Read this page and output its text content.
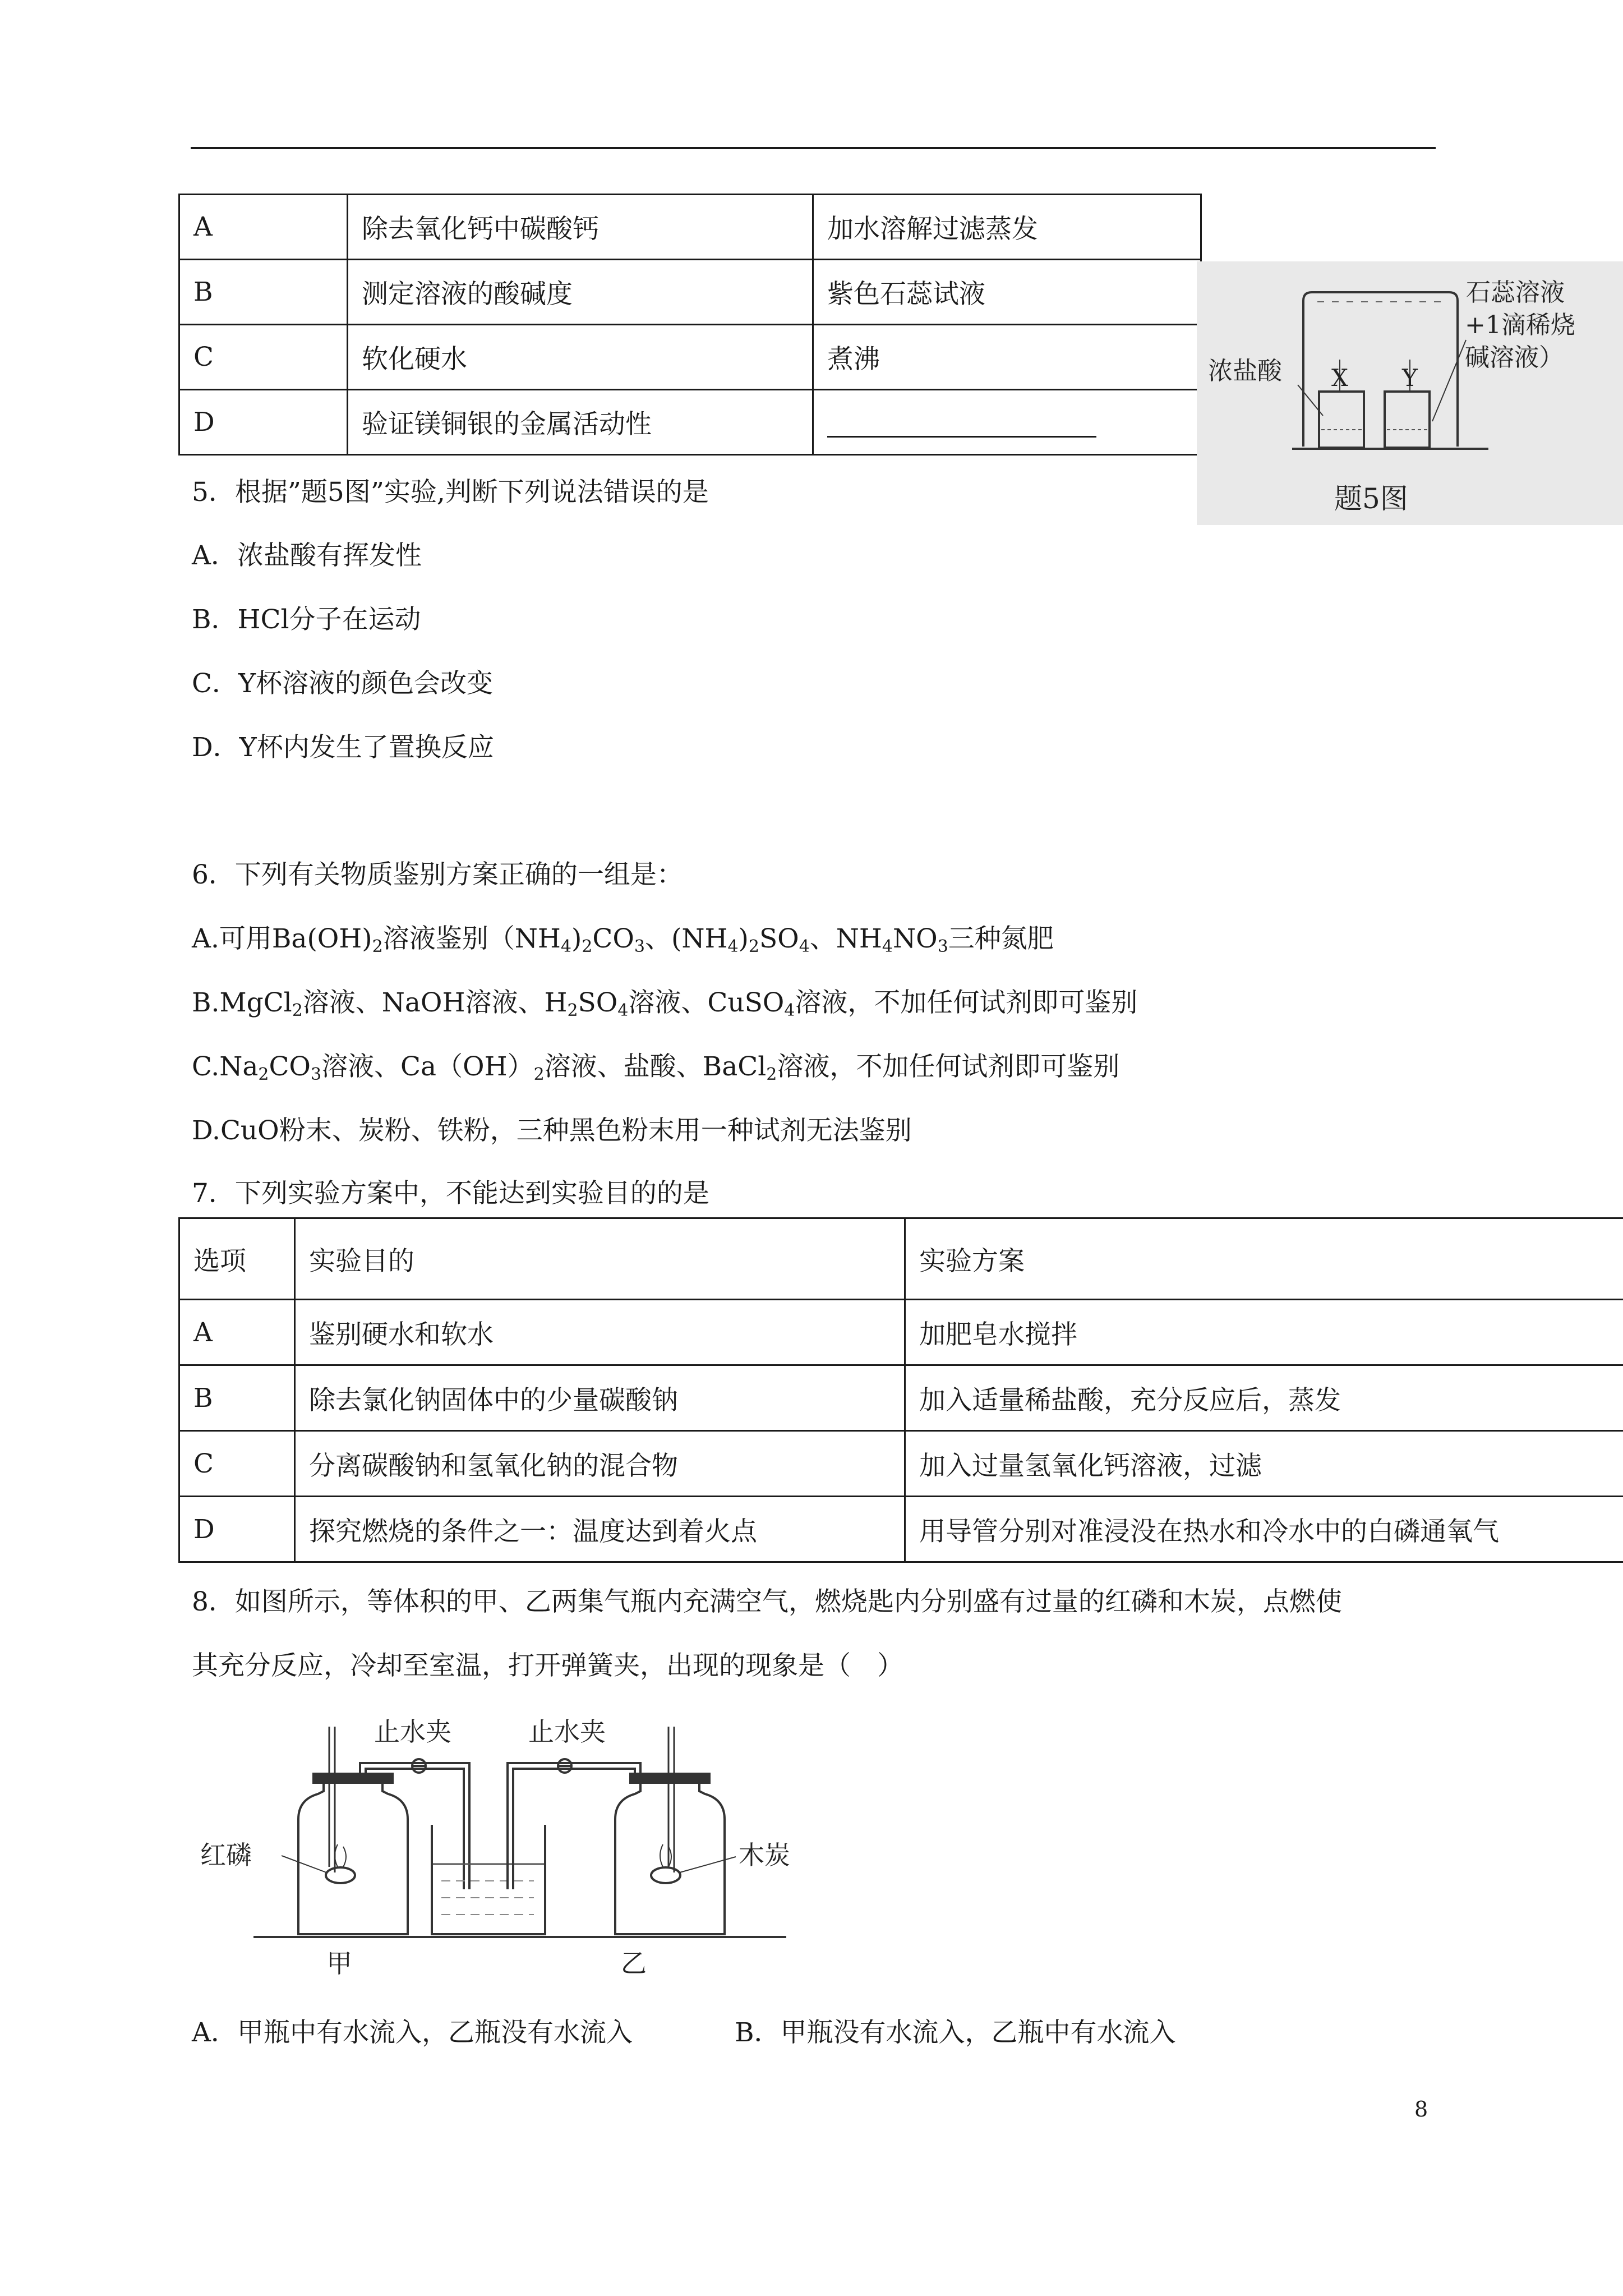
A	除去氧化钙中碳酸钙	加水溶解过滤蒸发
B	测定溶液的酸碱度	紫色石蕊试液
C	软化硬水	煮沸
D	验证镁铜银的金属活动性	
浓盐酸 X Y
石蕊溶液
+1滴稀烧
碱溶液）
题5图
5．根据”题5图”实验,判断下列说法错误的是
A．浓盐酸有挥发性
B．HCl分子在运动
C．Y杯溶液的颜色会改变
D．Y杯内发生了置换反应
6．下列有关物质鉴别方案正确的一组是：
A.可用$Ba(OH)_2$溶液鉴别$(NH_4)_2CO_3$、$(NH_4)_2SO_4$、$NH_4NO_3$三种氮肥
B.MgCl$_2$溶液、NaOH溶液、$H_2SO_4$溶液、CuSO$_4$溶液，不加任何试剂即可鉴别
$C.Na_2CO_3$溶液、$Ca(OH)_2$溶液、盐酸、BaCl$_2$溶液，不加任何试剂即可鉴别
D.CuO粉末、炭粉、铁粉，三种黑色粉末用一种试剂无法鉴别
7．下列实验方案中，不能达到实验目的的是
选项	实验目的	实验方案
A	鉴别硬水和软水	加肥皂水搅拌
B	除去氯化钠固体中的少量碳酸钠	加入适量稀盐酸，充分反应后，蒸发
C	分离碳酸钠和氢氧化钠的混合物	加入过量氢氧化钙溶液，过滤
D	探究燃烧的条件之一：温度达到着火点	用导管分别对准浸没在热水和冷水中的白磷通氧气
8．如图所示，等体积的甲、乙两集气瓶内充满空气，燃烧匙内分别盛有过量的红磷和木炭，点燃使
其充分反应，冷却至室温，打开弹簧夹，出现的现象是（　）
止水夹	止水夹
红磷	木炭
甲	乙
A．甲瓶中有水流入，乙瓶没有水流入	B．甲瓶没有水流入，乙瓶中有水流入
8
